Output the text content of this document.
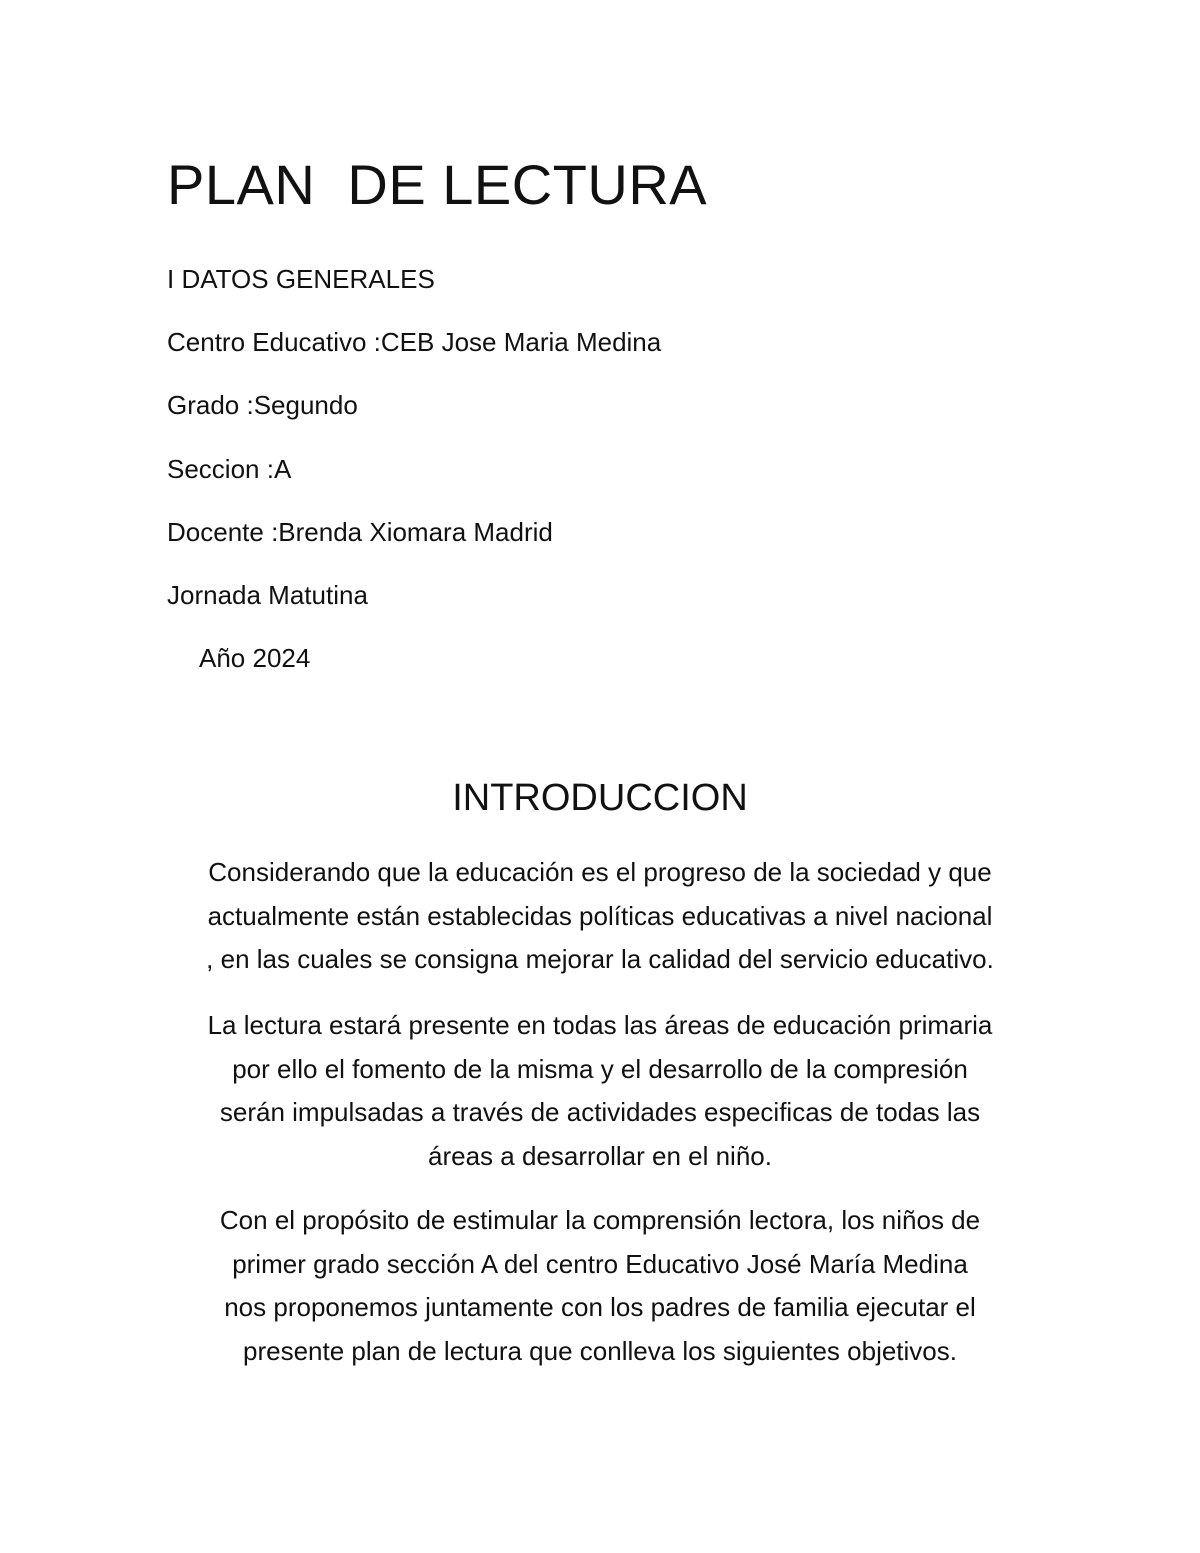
PLAN  DE LECTURA

I DATOS GENERALES

Centro Educativo :CEB Jose Maria Medina

Grado :Segundo

Seccion :A

Docente :Brenda Xiomara Madrid

Jornada Matutina

Año 2024

INTRODUCCION

Considerando que la educación es el progreso de la sociedad y que
actualmente están establecidas políticas educativas a nivel nacional
, en las cuales se consigna mejorar la calidad del servicio educativo.

La lectura estará presente en todas las áreas de educación primaria
por ello el fomento de la misma y el desarrollo de la compresión
serán impulsadas a través de actividades especificas de todas las
áreas a desarrollar en el niño.

Con el propósito de estimular la comprensión lectora, los niños de
primer grado sección A del centro Educativo José María Medina
nos proponemos juntamente con los padres de familia ejecutar el
presente plan de lectura que conlleva los siguientes objetivos.
